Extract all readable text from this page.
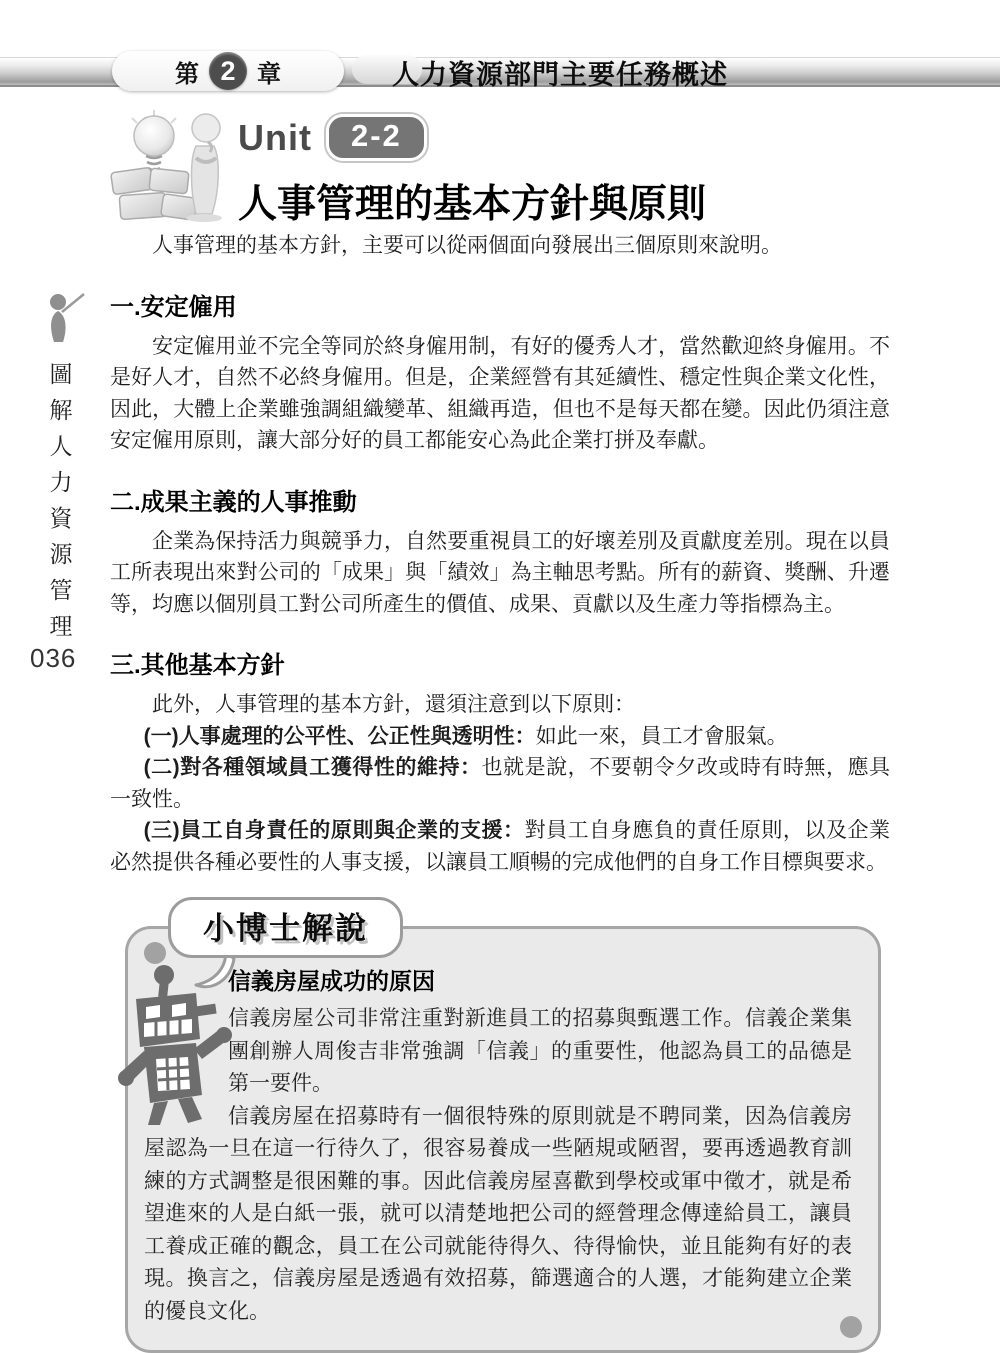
第 2 章	人力資源部門主要任務概述
Unit	2-2
人事管理的基本方針與原則
圖解人力資源管理
036

人事管理的基本方針，主要可以從兩個面向發展出三個原則來說明。

一.安定僱用

安定僱用並不完全等同於終身僱用制，有好的優秀人才，當然歡迎終身僱用。不是好人才，自然不必終身僱用。但是，企業經營有其延續性、穩定性與企業文化性，因此，大體上企業雖強調組織變革、組織再造，但也不是每天都在變。因此仍須注意安定僱用原則，讓大部分好的員工都能安心為此企業打拼及奉獻。

二.成果主義的人事推動

企業為保持活力與競爭力，自然要重視員工的好壞差別及貢獻度差別。現在以員工所表現出來對公司的「成果」與「績效」為主軸思考點。所有的薪資、獎酬、升遷等，均應以個別員工對公司所產生的價值、成果、貢獻以及生產力等指標為主。

三.其他基本方針

此外，人事管理的基本方針，還須注意到以下原則：

(一)人事處理的公平性、公正性與透明性：如此一來，員工才會服氣。

(二)對各種領域員工獲得性的維持：也就是說，不要朝令夕改或時有時無，應具一致性。

(三)員工自身責任的原則與企業的支援：對員工自身應負的責任原則，以及企業必然提供各種必要性的人事支援，以讓員工順暢的完成他們的自身工作目標與要求。

小博士解說
信義房屋成功的原因

信義房屋公司非常注重對新進員工的招募與甄選工作。信義企業集團創辦人周俊吉非常強調「信義」的重要性，他認為員工的品德是第一要件。

信義房屋在招募時有一個很特殊的原則就是不聘同業，因為信義房屋認為一旦在這一行待久了，很容易養成一些陋規或陋習，要再透過教育訓練的方式調整是很困難的事。因此信義房屋喜歡到學校或軍中徵才，就是希望進來的人是白紙一張，就可以清楚地把公司的經營理念傳達給員工，讓員工養成正確的觀念，員工在公司就能待得久、待得愉快，並且能夠有好的表現。換言之，信義房屋是透過有效招募，篩選適合的人選，才能夠建立企業的優良文化。
